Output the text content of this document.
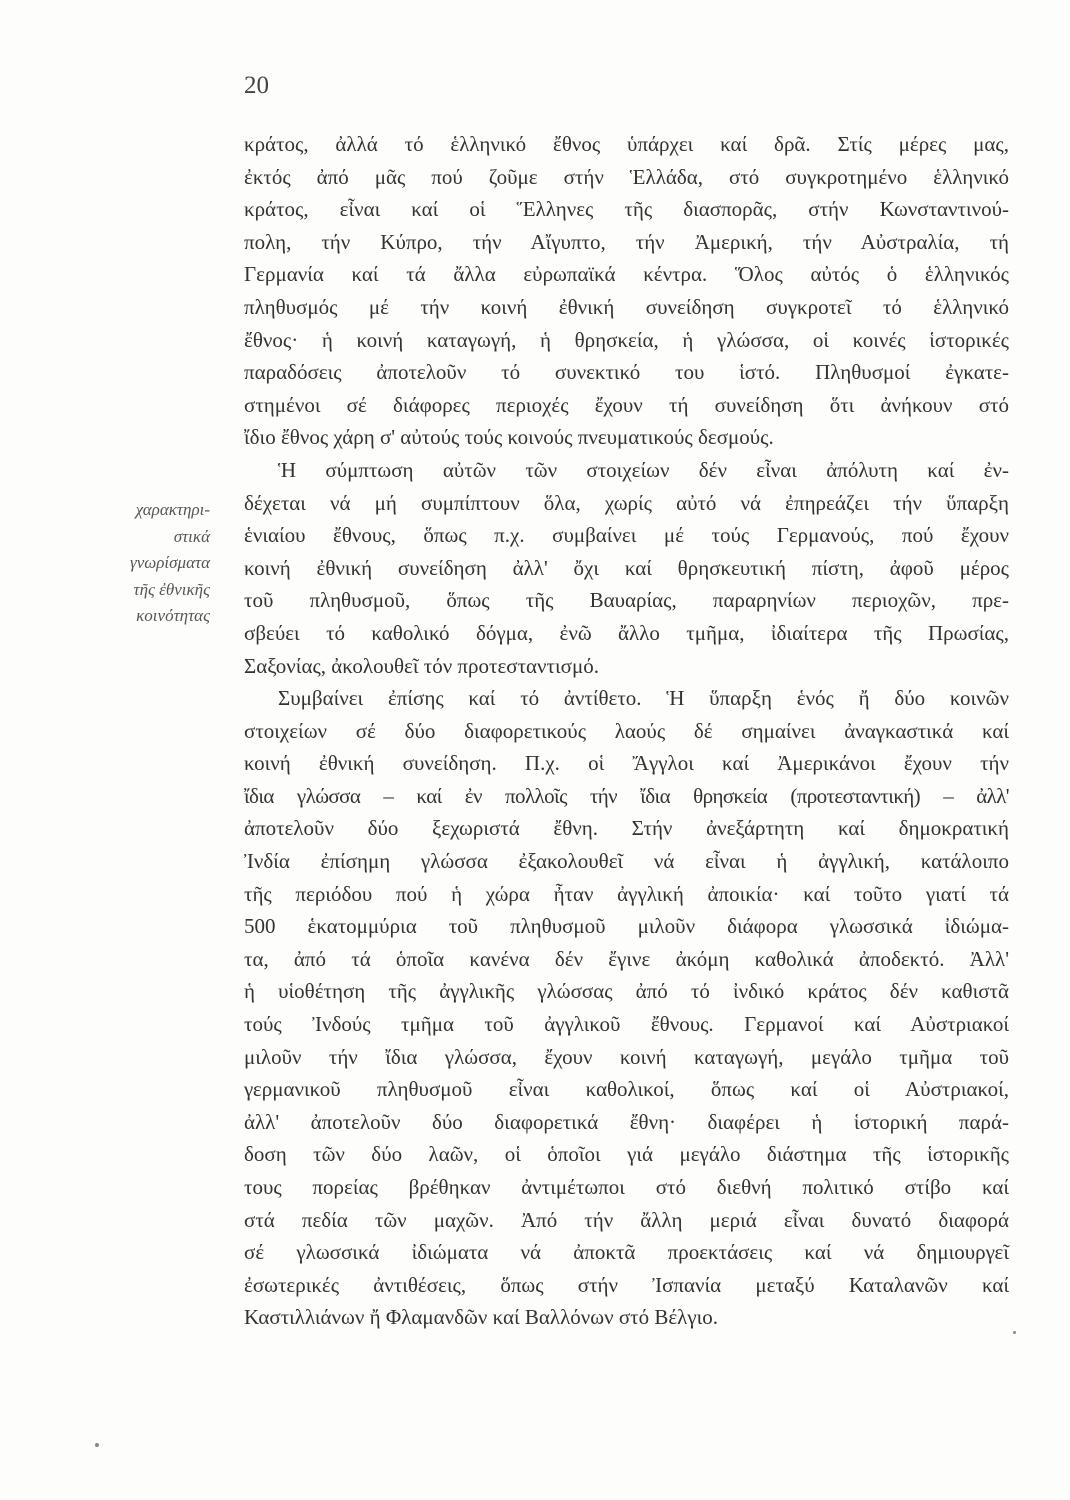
20
χαρακτηρι-
στικά
γνωρίσματα
τῆς ἐθνικῆς
κοινότητας
κράτος, ἀλλά τό ἑλληνικό ἔθνος ὑπάρχει καί δρᾶ. Στίς μέρες μας,
ἐκτός ἀπό μᾶς πού ζοῦμε στήν Ἑλλάδα, στό συγκροτημένο ἑλληνικό
κράτος, εἶναι καί οἱ Ἕλληνες τῆς διασπορᾶς, στήν Κωνσταντινού-
πολη, τήν Κύπρο, τήν Αἴγυπτο, τήν Ἀμερική, τήν Αὐστραλία, τή
Γερμανία καί τά ἄλλα εὐρωπαϊκά κέντρα. Ὅλος αὐτός ὁ ἑλληνικός
πληθυσμός μέ τήν κοινή ἐθνική συνείδηση συγκροτεῖ τό ἑλληνικό
ἔθνος· ἡ κοινή καταγωγή, ἡ θρησκεία, ἡ γλώσσα, οἱ κοινές ἱστορικές
παραδόσεις ἀποτελοῦν τό συνεκτικό του ἱστό. Πληθυσμοί ἐγκατε-
στημένοι σέ διάφορες περιοχές ἔχουν τή συνείδηση ὅτι ἀνήκουν στό
ἴδιο ἔθνος χάρη σ' αὐτούς τούς κοινούς πνευματικούς δεσμούς.
Ἡ σύμπτωση αὐτῶν τῶν στοιχείων δέν εἶναι ἀπόλυτη καί ἐν-
δέχεται νά μή συμπίπτουν ὅλα, χωρίς αὐτό νά ἐπηρεάζει τήν ὕπαρξη
ἑνιαίου ἔθνους, ὅπως π.χ. συμβαίνει μέ τούς Γερμανούς, πού ἔχουν
κοινή ἐθνική συνείδηση ἀλλ' ὄχι καί θρησκευτική πίστη, ἀφοῦ μέρος
τοῦ πληθυσμοῦ, ὅπως τῆς Βαυαρίας, παραρηνίων περιοχῶν, πρε-
σβεύει τό καθολικό δόγμα, ἐνῶ ἄλλο τμῆμα, ἰδιαίτερα τῆς Πρωσίας,
Σαξονίας, ἀκολουθεῖ τόν προτεσταντισμό.
Συμβαίνει ἐπίσης καί τό ἀντίθετο. Ἡ ὕπαρξη ἑνός ἤ δύο κοινῶν
στοιχείων σέ δύο διαφορετικούς λαούς δέ σημαίνει ἀναγκαστικά καί
κοινή ἐθνική συνείδηση. Π.χ. οἱ Ἄγγλοι καί Ἀμερικάνοι ἔχουν τήν
ἴδια γλώσσα – καί ἐν πολλοῖς τήν ἴδια θρησκεία (προτεσταντική) – ἀλλ'
ἀποτελοῦν δύο ξεχωριστά ἔθνη. Στήν ἀνεξάρτητη καί δημοκρατική
Ἰνδία ἐπίσημη γλώσσα ἐξακολουθεῖ νά εἶναι ἡ ἀγγλική, κατάλοιπο
τῆς περιόδου πού ἡ χώρα ἦταν ἀγγλική ἀποικία· καί τοῦτο γιατί τά
500 ἑκατομμύρια τοῦ πληθυσμοῦ μιλοῦν διάφορα γλωσσικά ἰδιώμα-
τα, ἀπό τά ὁποῖα κανένα δέν ἔγινε ἀκόμη καθολικά ἀποδεκτό. Ἀλλ'
ἡ υἱοθέτηση τῆς ἀγγλικῆς γλώσσας ἀπό τό ἰνδικό κράτος δέν καθιστᾶ
τούς Ἰνδούς τμῆμα τοῦ ἀγγλικοῦ ἔθνους. Γερμανοί καί Αὐστριακοί
μιλοῦν τήν ἴδια γλώσσα, ἔχουν κοινή καταγωγή, μεγάλο τμῆμα τοῦ
γερμανικοῦ πληθυσμοῦ εἶναι καθολικοί, ὅπως καί οἱ Αὐστριακοί,
ἀλλ' ἀποτελοῦν δύο διαφορετικά ἔθνη· διαφέρει ἡ ἱστορική παρά-
δοση τῶν δύο λαῶν, οἱ ὁποῖοι γιά μεγάλο διάστημα τῆς ἱστορικῆς
τους πορείας βρέθηκαν ἀντιμέτωποι στό διεθνή πολιτικό στίβο καί
στά πεδία τῶν μαχῶν. Ἀπό τήν ἄλλη μεριά εἶναι δυνατό διαφορά
σέ γλωσσικά ἰδιώματα νά ἀποκτᾶ προεκτάσεις καί νά δημιουργεῖ
ἐσωτερικές ἀντιθέσεις, ὅπως στήν Ἰσπανία μεταξύ Καταλανῶν καί
Καστιλλιάνων ἤ Φλαμανδῶν καί Βαλλόνων στό Βέλγιο.
